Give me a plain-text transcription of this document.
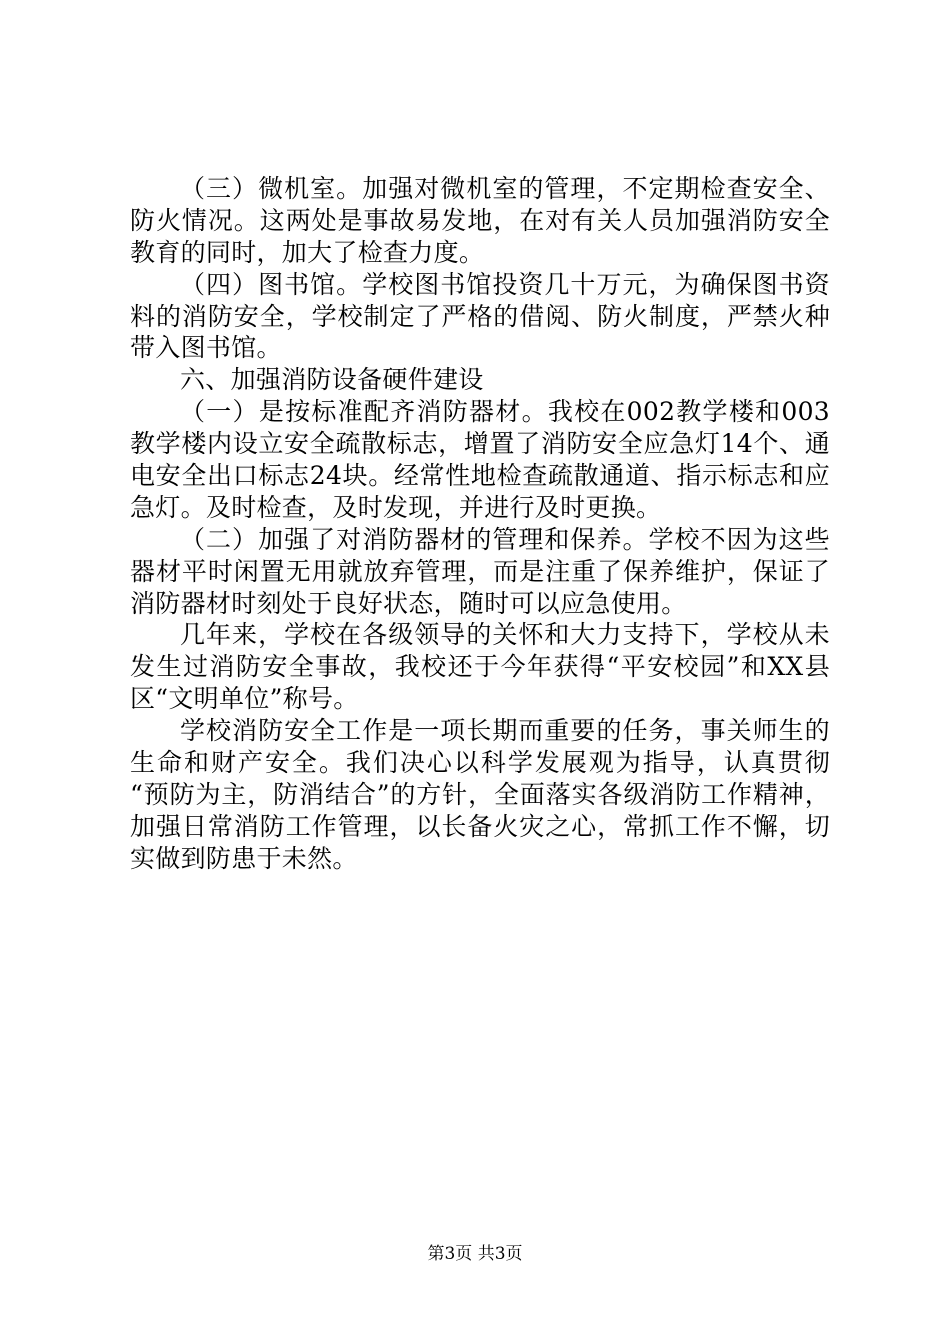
（三）微机室。加强对微机室的管理，不定期检查安全、
防火情况。这两处是事故易发地，在对有关人员加强消防安全
教育的同时，加大了检查力度。
（四）图书馆。学校图书馆投资几十万元，为确保图书资
料的消防安全，学校制定了严格的借阅、防火制度，严禁火种
带入图书馆。
六、加强消防设备硬件建设
（一）是按标准配齐消防器材。我校在002教学楼和003
教学楼内设立安全疏散标志，增置了消防安全应急灯14个、通
电安全出口标志24块。经常性地检查疏散通道、指示标志和应
急灯。及时检查，及时发现，并进行及时更换。
（二）加强了对消防器材的管理和保养。学校不因为这些
器材平时闲置无用就放弃管理，而是注重了保养维护，保证了
消防器材时刻处于良好状态，随时可以应急使用。
几年来，学校在各级领导的关怀和大力支持下，学校从未
发生过消防安全事故，我校还于今年获得“平安校园”和XX县
区“文明单位”称号。
学校消防安全工作是一项长期而重要的任务，事关师生的
生命和财产安全。我们决心以科学发展观为指导，认真贯彻
“预防为主，防消结合”的方针，全面落实各级消防工作精神，
加强日常消防工作管理，以长备火灾之心，常抓工作不懈，切
实做到防患于未然。
第3页 共3页
